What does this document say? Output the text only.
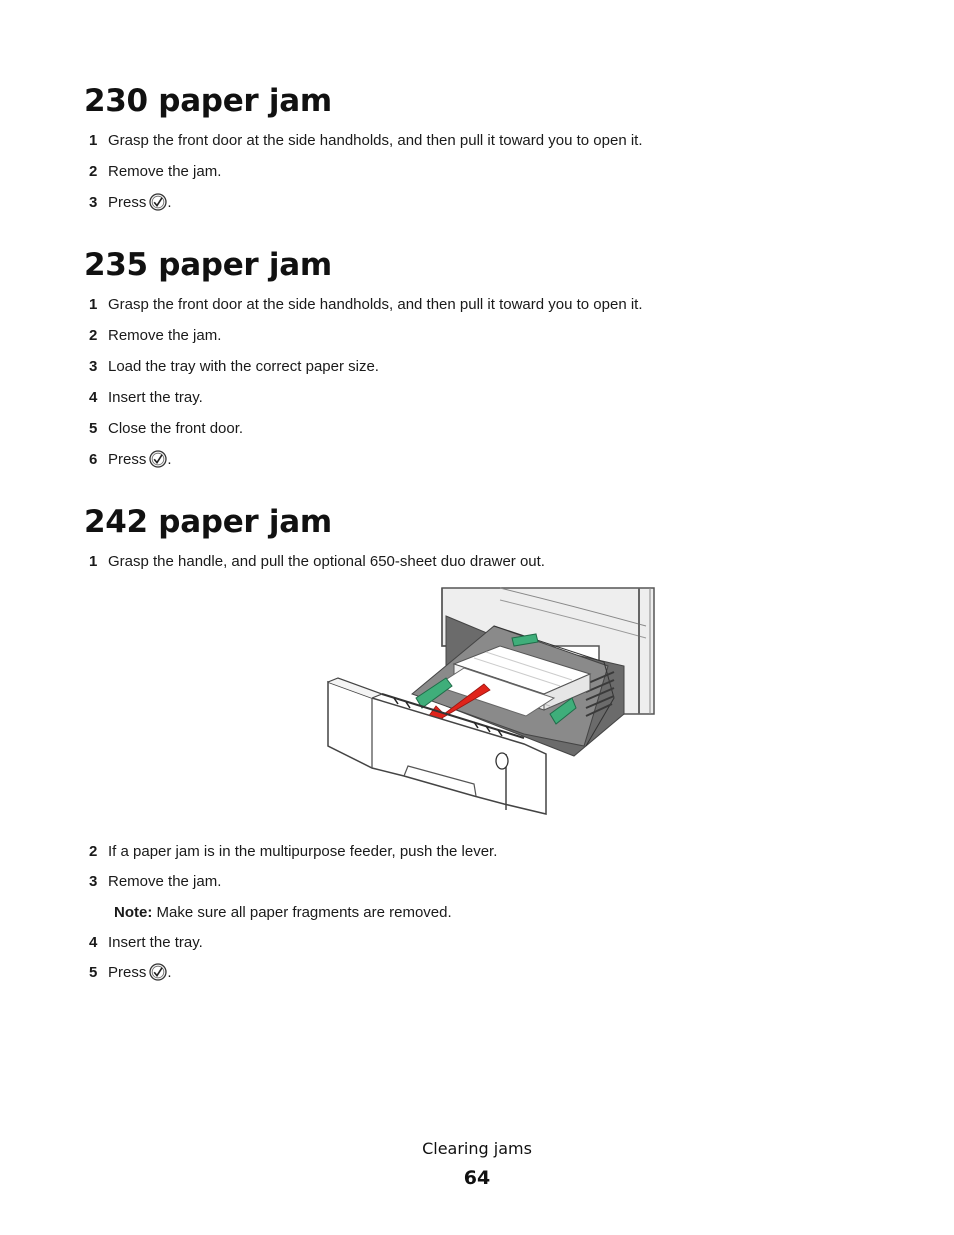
230 paper jam
1 Grasp the front door at the side handholds, and then pull it toward you to open it.
2 Remove the jam.
3 Press .
235 paper jam
1 Grasp the front door at the side handholds, and then pull it toward you to open it.
2 Remove the jam.
3 Load the tray with the correct paper size.
4 Insert the tray.
5 Close the front door.
6 Press .
242 paper jam
1 Grasp the handle, and pull the optional 650-sheet duo drawer out.
2 If a paper jam is in the multipurpose feeder, push the lever.
3 Remove the jam.
Note: Make sure all paper fragments are removed.
4 Insert the tray.
5 Press .
Clearing jams
64
